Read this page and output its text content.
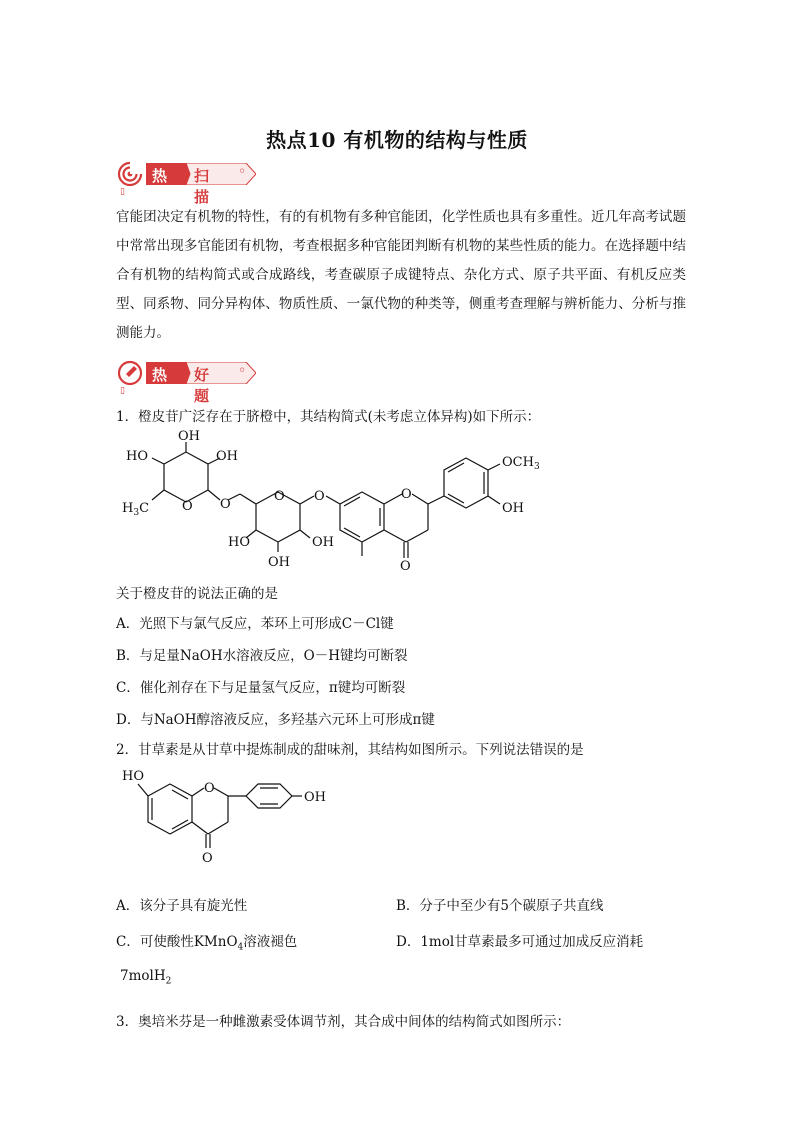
热点10 有机物的结构与性质
热点
扫描
◦
▯
官能团决定有机物的特性，有的有机物有多种官能团，化学性质也具有多重性。近几年高考试题中常常出现多官能团有机物，考查根据多种官能团判断有机物的某些性质的能力。在选择题中结合有机物的结构简式或合成路线，考查碳原子成键特点、杂化方式、原子共平面、有机反应类型、同系物、同分异构体、物质性质、一氯代物的种类等，侧重考查理解与辨析能力、分析与推测能力。
热搜
好题
◦
▯
1．橙皮苷广泛存在于脐橙中，其结构简式(未考虑立体异构)如下所示：
OH
HO	OH
$H_3C$	O O
O
HO
OH
OH
O	O
O
$OCH_3$
OH
关于橙皮苷的说法正确的是
A．光照下与氯气反应，苯环上可形成C－Cl键
B．与足量NaOH水溶液反应，O－H键均可断裂
C．催化剂存在下与足量氢气反应，π键均可断裂
D．与NaOH醇溶液反应，多羟基六元环上可形成π键
2．甘草素是从甘草中提炼制成的甜味剂，其结构如图所示。下列说法错误的是
HO
O
O
OH
A．该分子具有旋光性	B．分子中至少有5个碳原子共直线
C．可使酸性KMnO$_4$溶液褪色	D．1mol甘草素最多可通过加成反应消耗
7molH$_2$
3．奥培米芬是一种雌激素受体调节剂，其合成中间体的结构简式如图所示：
